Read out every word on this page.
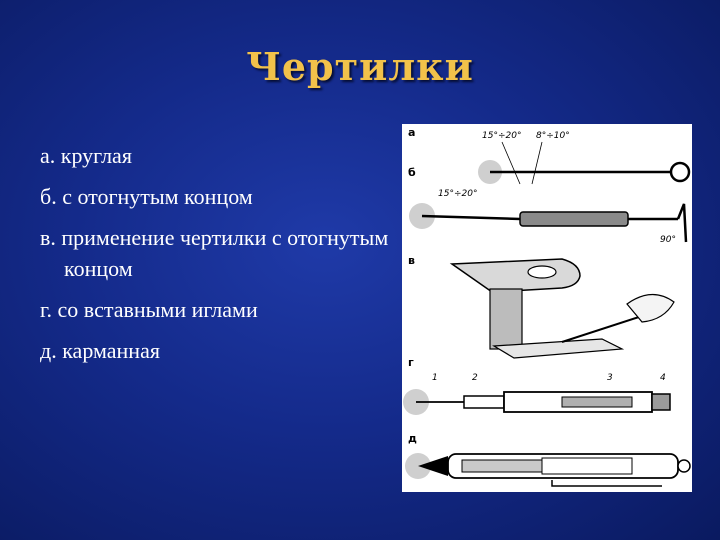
Чертилки
а. круглая
б. с отогнутым концом
в. применение чертилки с отогнутым концом
г. со вставными иглами
д. карманная
а
б
в
г
д
15°÷20° 8°÷10°
15°÷20°
90°
1	2	3	4
